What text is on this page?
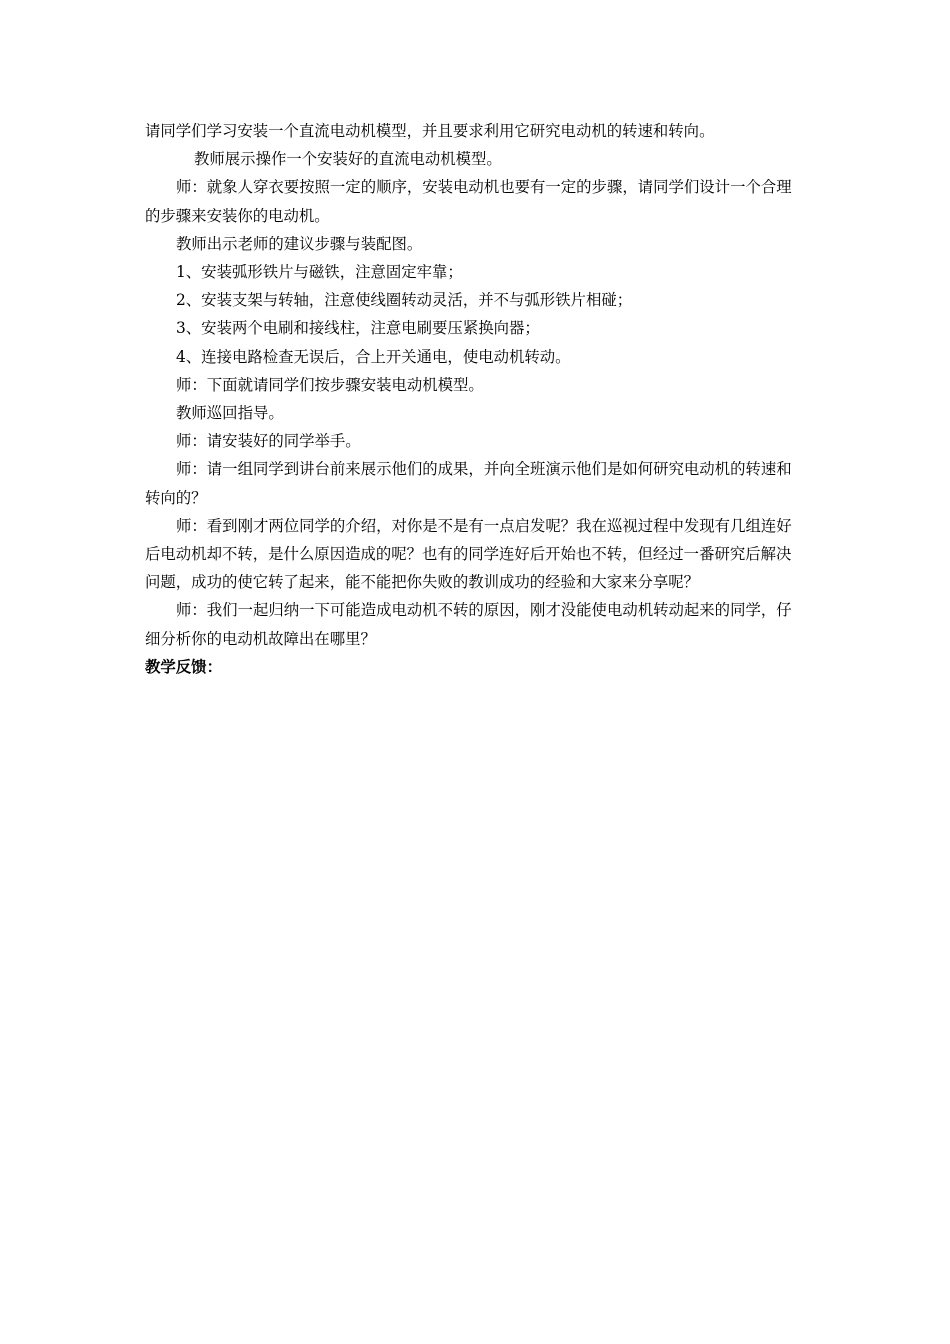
请同学们学习安装一个直流电动机模型，并且要求利用它研究电动机的转速和转向。

教师展示操作一个安装好的直流电动机模型。

师：就象人穿衣要按照一定的顺序，安装电动机也要有一定的步骤，请同学们设计一个合理的步骤来安装你的电动机。

教师出示老师的建议步骤与装配图。

1、安装弧形铁片与磁铁，注意固定牢靠；

2、安装支架与转轴，注意使线圈转动灵活，并不与弧形铁片相碰；

3、安装两个电刷和接线柱，注意电刷要压紧换向器；

4、连接电路检查无误后，合上开关通电，使电动机转动。

师：下面就请同学们按步骤安装电动机模型。

教师巡回指导。

师：请安装好的同学举手。

师：请一组同学到讲台前来展示他们的成果，并向全班演示他们是如何研究电动机的转速和转向的？

师：看到刚才两位同学的介绍，对你是不是有一点启发呢？我在巡视过程中发现有几组连好后电动机却不转，是什么原因造成的呢？也有的同学连好后开始也不转，但经过一番研究后解决问题，成功的使它转了起来，能不能把你失败的教训成功的经验和大家来分享呢？

师：我们一起归纳一下可能造成电动机不转的原因，刚才没能使电动机转动起来的同学，仔细分析你的电动机故障出在哪里？

教学反馈：
